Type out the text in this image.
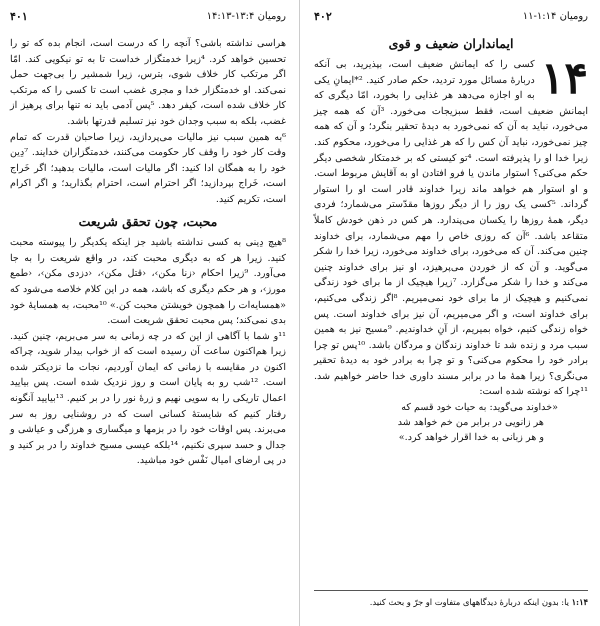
رومیان ۱۳:۴-۱۴:۱۳
۴۰۱

هراسی نداشته باشی؟ آنچه را که درست است، انجام بده که تو را تحسین خواهد کرد. ⁴زیرا خدمتگزار خداست تا به تو نیکویی کند. امّا اگر مرتکب کار خلاف شوی، بترس، زیرا شمشیر را بی‌جهت حمل نمی‌کند. او خدمتگزار خدا و مجری غضب است تا کسی را که مرتکب کار خلاف شده است، کیفر دهد. ⁵پس آدمی باید نه تنها برای پرهیز از غضب، بلکه به سبب وجدان خود نیز تسلیم قدرتها باشد.

⁶به همین سبب نیز مالیات می‌پردازید، زیرا صاحبان قدرت که تمام وقت کار خود را وقف کار حکومت می‌کنند، خدمتگزاران خدایند. ⁷دِین خود را به همگان ادا کنید: اگر مالیات است، مالیات بدهید؛ اگر خَراج است، خَراج بپردازید؛ اگر احترام است، احترام بگذارید؛ و اگر اکرام است، تکریم کنید.

محبت، چون تحقق شریعت

⁸هیچ دِینی به کسی نداشته باشید جز اینکه یکدیگر را پیوسته محبت کنید. زیرا هر که به دیگری محبت کند، در واقع شریعت را به جا می‌آورد. ⁹زیرا احکام ‹زنا مکن›، ‹قتل مکن›، ‹دزدی مکن›، ‹طمع مورز›، و هر حکم دیگری که باشد، همه در این کلام خلاصه می‌شود که «همسایه‌ات را همچون خویشتن محبت کن.» ¹⁰محبت، به همسایهٔ خود بدی نمی‌کند؛ پس محبت تحقق شریعت است.

¹¹و شما با آگاهی از این که در چه زمانی به سر می‌بریم، چنین کنید. زیرا هم‌اکنون ساعت آن رسیده است که از خواب بیدار شوید، چراکه اکنون در مقایسه با زمانی که ایمان آوردیم، نجات ما نزدیکتر شده است. ¹²شب رو به پایان است و روز نزدیک شده است. پس بیایید اعمال تاریکی را به سویی نهیم و زرهٔ نور را در بر کنیم. ¹³بیایید آنگونه رفتار کنیم که شایستهٔ کسانی است که در روشنایی روز به سر می‌برند. پس اوقات خود را در بزمها و میگساری و هرزگی و عیاشی و جدال و حسد سپری نکنیم، ¹⁴بلکه عیسی مسیح خداوند را در بر کنید و در پی ارضای امیال نَفْس خود مباشید.

رومیان ۱:۱۴-۱۱
۴۰۲
ایمانداران ضعیف و قوی
۱۴

کسی را که ایمانش ضعیف است، بپذیرید، بی آنکه دربارهٔ مسائل مورد تردید، حکم صادر کنید. ²*ایمانِ یکی به او اجازه می‌دهد هر غذایی را بخورد، امّا دیگری که ایمانش ضعیف است، فقط سبزیجات می‌خورد. ³آن که همه چیز می‌خورد، نباید به آن که نمی‌خورد به دیدهٔ تحقیر بنگرد؛ و آن که همه چیز نمی‌خورد، نباید آن کس را که هر غذایی را می‌خورد، محکوم کند. زیرا خدا او را پذیرفته است. ⁴تو کیستی که بر خدمتکار شخصی دیگر حکم می‌کنی؟ استوار ماندن یا فرو افتادن او به آقایش مربوط است. و او استوار هم خواهد ماند زیرا خداوند قادر است او را استوار گرداند. ⁵کسی یک روز را از دیگر روزها مقدّستر می‌شمارد؛ فردی دیگر، همهٔ روزها را یکسان می‌پندارد. هر کس در ذهن خودش کاملاً متقاعد باشد. ⁶آن که روزی خاص را مهم می‌شمارد، برای خداوند چنین می‌کند. آن که می‌خورد، برای خداوند می‌خورد، زیرا خدا را شکر می‌گوید. و آن که از خوردن می‌پرهیزد، او نیز برای خداوند چنین می‌کند و خدا را شکر می‌گزارد. ⁷زیرا هیچیک از ما برای خود زندگی نمی‌کنیم و هیچیک از ما برای خود نمی‌میریم. ⁸اگر زندگی می‌کنیم، برای خداوند است، و اگر می‌میریم، آن نیز برای خداوند است. پس خواه زندگی کنیم، خواه بمیریم، از آنِ خداوندیم. ⁹مسیح نیز به همین سبب مرد و زنده شد تا خداوند زندگان و مردگان باشد. ¹⁰پس تو چرا برادر خود را محکوم می‌کنی؟ و تو چرا به برادر خود به دیدهٔ تحقیر می‌نگری؟ زیرا همهٔ ما در برابر مسند داوری خدا حاضر خواهیم شد. ¹¹چرا که نوشته شده است:

«خداوند می‌گوید: به حیات خود قسم که
هر زانویی در برابر من خم خواهد شد
و هر زبانی به خدا اقرار خواهد کرد.»
۱:۱۴ یا: بدون اینکه دربارهٔ دیدگاههای متفاوت او جرّ و بحث کنید.
